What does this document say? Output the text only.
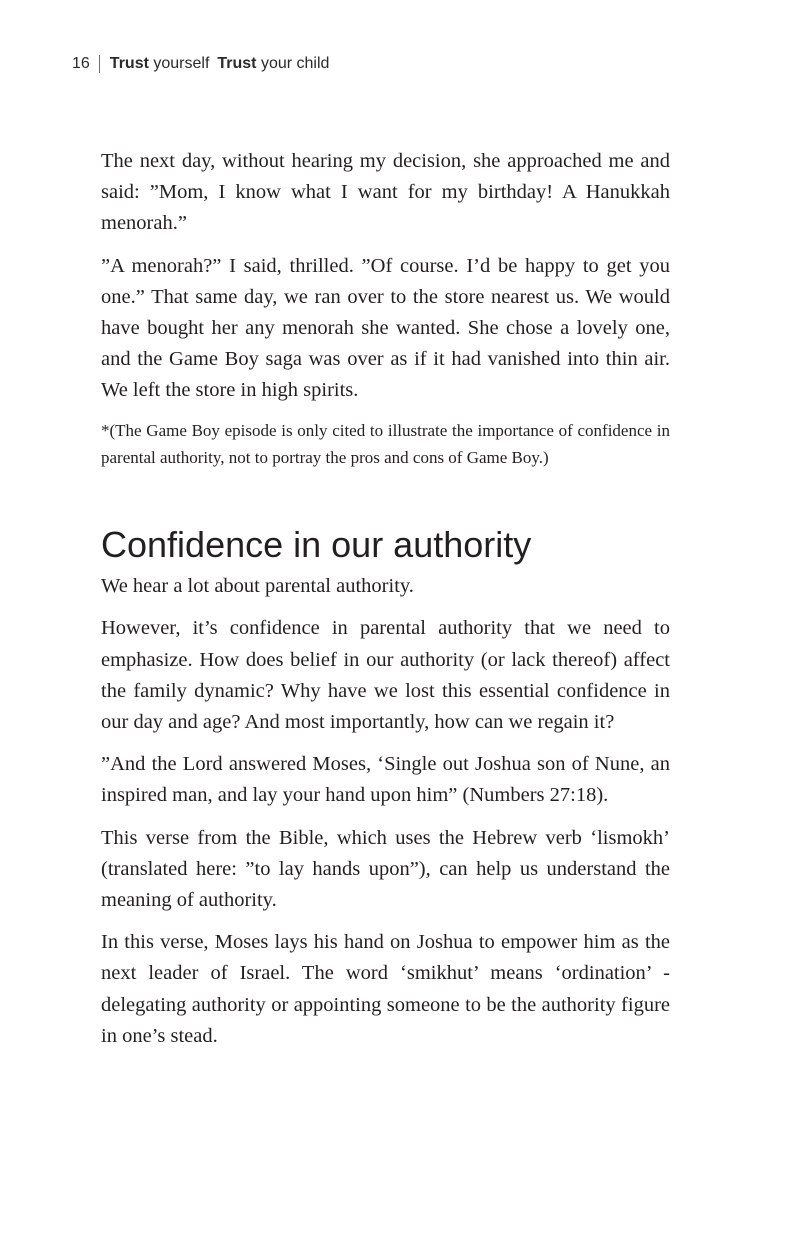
16 Trust yourself Trust your child

The next day, without hearing my decision, she approached me and said: ”Mom, I know what I want for my birthday! A Hanukkah menorah.”

”A menorah?” I said, thrilled. ”Of course. I’d be happy to get you one.” That same day, we ran over to the store nearest us. We would have bought her any menorah she wanted. She chose a lovely one, and the Game Boy saga was over as if it had vanished into thin air. We left the store in high spirits.

*(The Game Boy episode is only cited to illustrate the importance of confidence in parental authority, not to portray the pros and cons of Game Boy.)

Confidence in our authority

We hear a lot about parental authority.

However, it’s confidence in parental authority that we need to emphasize. How does belief in our authority (or lack thereof) affect the family dynamic? Why have we lost this essential confidence in our day and age? And most importantly, how can we regain it?

”And the Lord answered Moses, ‘Single out Joshua son of Nune, an inspired man, and lay your hand upon him” (Numbers 27:18).

This verse from the Bible, which uses the Hebrew verb ‘lismokh’ (translated here: ”to lay hands upon”), can help us understand the meaning of authority.

In this verse, Moses lays his hand on Joshua to empower him as the next leader of Israel. The word ‘smikhut’ means ‘ordination’ - delegating authority or appointing someone to be the authority figure in one’s stead.
